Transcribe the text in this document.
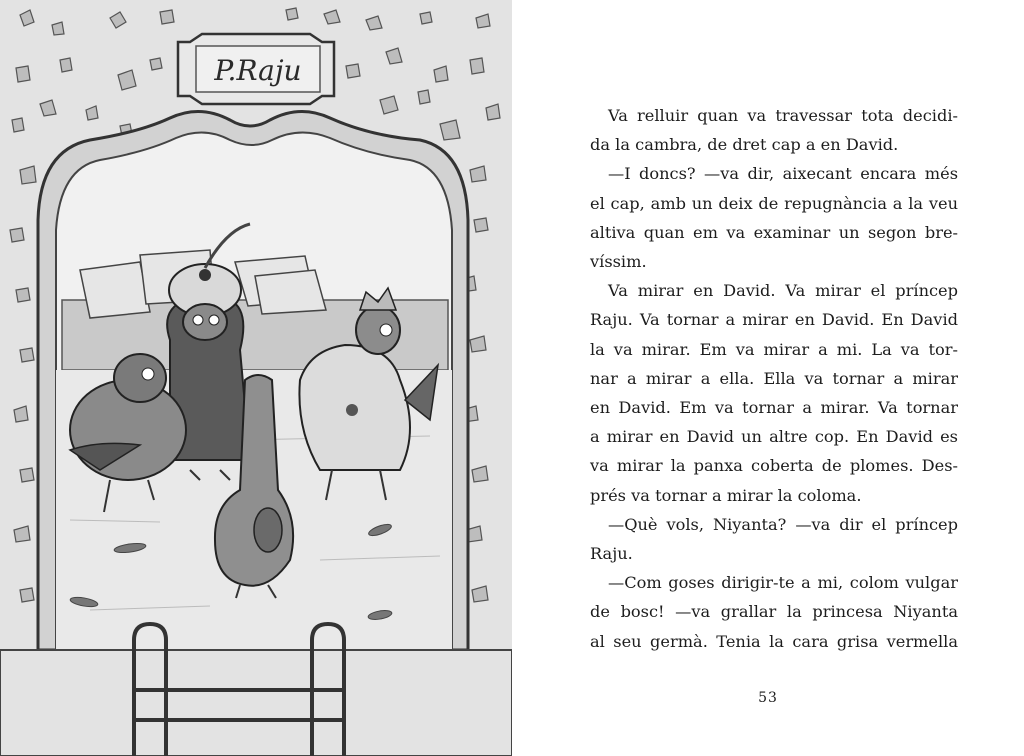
P.Raju

Va relluir quan va travessar tota decidi-

da la cambra, de dret cap a en David.

—I doncs? —va dir, aixecant encara més

el cap, amb un deix de repugnància a la veu

altiva quan em va examinar un segon bre-

víssim.

Va mirar en David. Va mirar el príncep

Raju. Va tornar a mirar en David. En David

la va mirar. Em va mirar a mi. La va tor-

nar a mirar a ella. Ella va tornar a mirar

en David. Em va tornar a mirar. Va tornar

a mirar en David un altre cop. En David es

va mirar la panxa coberta de plomes. Des-

prés va tornar a mirar la coloma.

—Què vols, Niyanta? —va dir el príncep

Raju.

—Com goses dirigir-te a mi, colom vulgar

de bosc! —va grallar la princesa Niyanta

al seu germà. Tenia la cara grisa vermella

53
